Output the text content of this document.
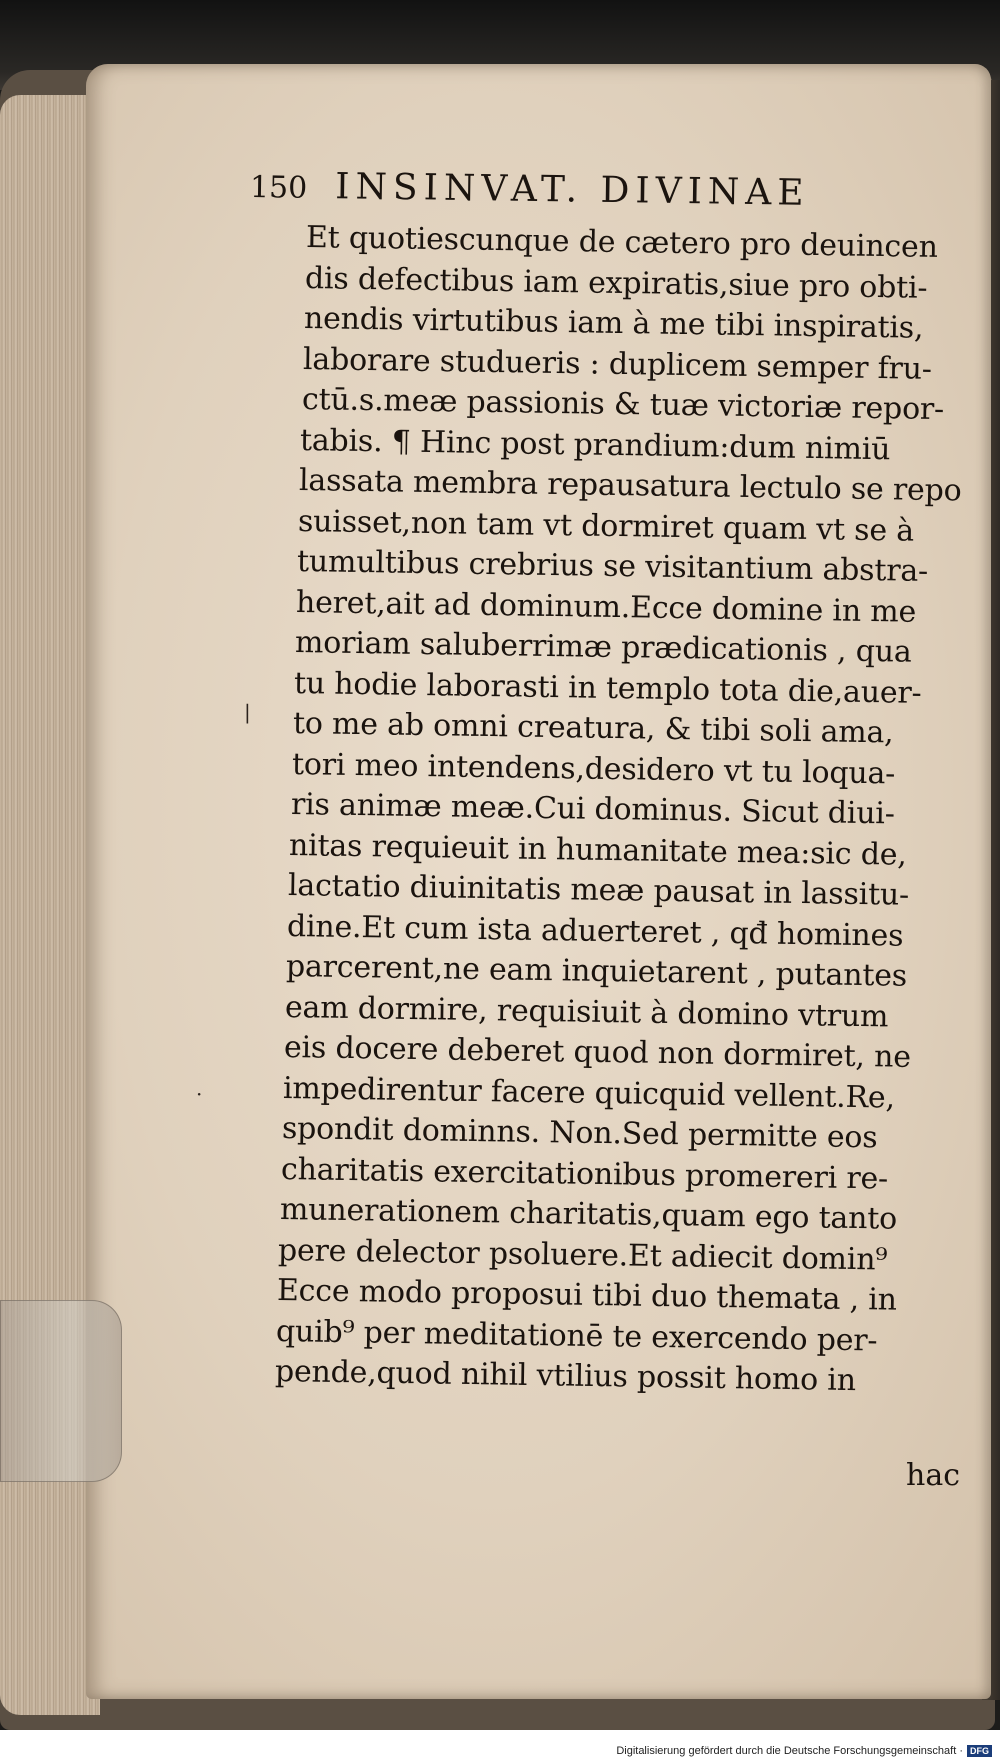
150 INSINVAT. DIVINAE
Et quotiescunque de cætero pro deuincen
dis defectibus iam expiratis,siue pro obti-
nendis virtutibus iam à me tibi inspiratis,
laborare studueris : duplicem semper fru-
ctū.s.meæ passionis & tuæ victoriæ repor-
tabis. ¶ Hinc post prandium:dum nimiū
lassata membra repausatura lectulo se repo
suisset,non tam vt dormiret quam vt se à
tumultibus crebrius se visitantium abstra-
heret,ait ad dominum.Ecce domine in me
moriam saluberrimæ prædicationis , qua
tu hodie laborasti in templo tota die,auer-
to me ab omni creatura, & tibi soli ama,
tori meo intendens,desidero vt tu loqua-
ris animæ meæ.Cui dominus. Sicut diui-
nitas requieuit in humanitate mea:sic de,
lactatio diuinitatis meæ pausat in lassitu-
dine.Et cum ista aduerteret , qđ homines
parcerent,ne eam inquietarent , putantes
eam dormire, requisiuit à domino vtrum
eis docere deberet quod non dormiret, ne
impedirentur facere quicquid vellent.Re,
spondit dominns. Non.Sed permitte eos
charitatis exercitationibus promereri re-
munerationem charitatis,quam ego tanto
pere delector psoluere.Et adiecit domin⁹
Ecce modo proposui tibi duo themata , in
quib⁹ per meditationē te exercendo per-
pende,quod nihil vtilius possit homo in
hac
|
·
Digitalisierung gefördert durch die Deutsche Forschungsgemeinschaft · DFG
